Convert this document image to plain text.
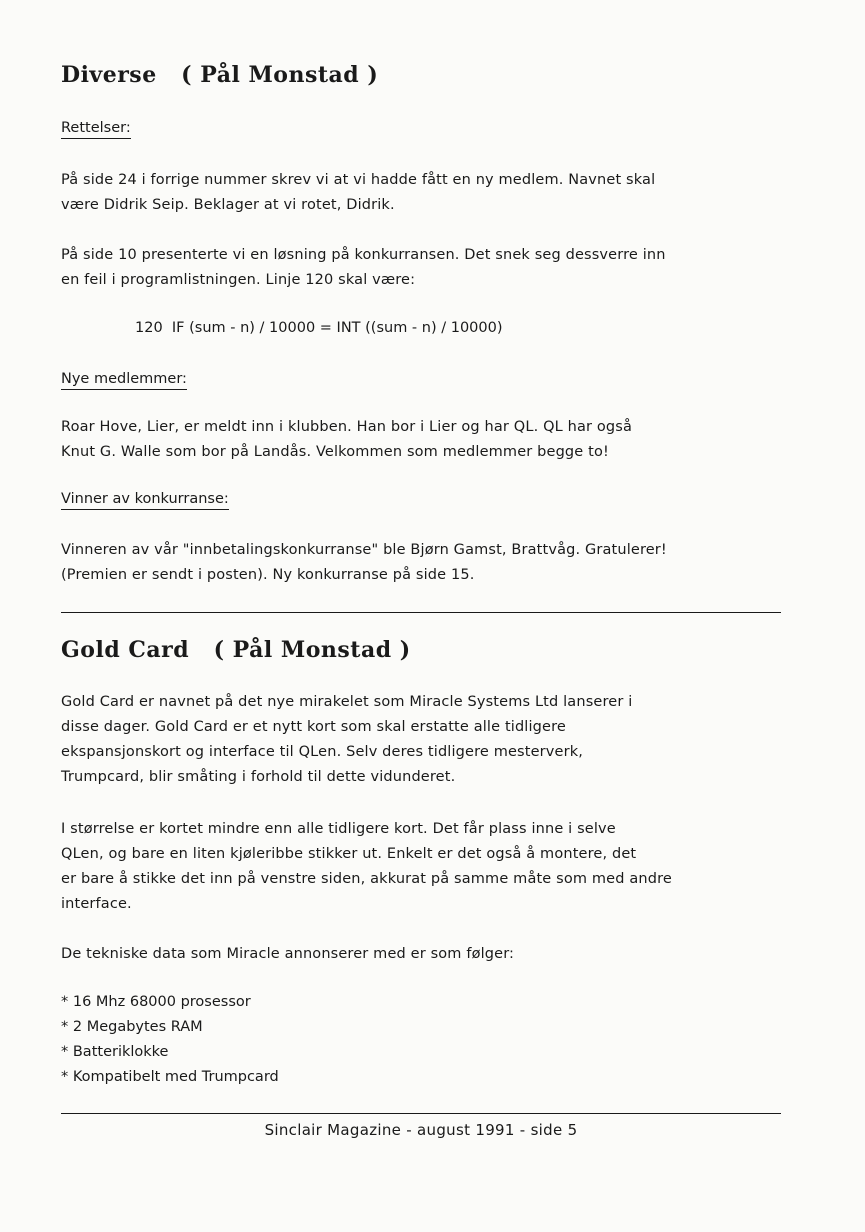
Diverse   ( Pål Monstad )

Rettelser:

På side 24 i forrige nummer skrev vi at vi hadde fått en ny medlem. Navnet skal
være Didrik Seip. Beklager at vi rotet, Didrik.

På side 10 presenterte vi en løsning på konkurransen. Det snek seg dessverre inn
en feil i programlistningen. Linje 120 skal være:

120  IF (sum - n) / 10000 = INT ((sum - n) / 10000)

Nye medlemmer:

Roar Hove, Lier, er meldt inn i klubben. Han bor i Lier og har QL. QL har også
Knut G. Walle som bor på Landås. Velkommen som medlemmer begge to!

Vinner av konkurranse:

Vinneren av vår "innbetalingskonkurranse" ble Bjørn Gamst, Brattvåg. Gratulerer!
(Premien er sendt i posten). Ny konkurranse på side 15.

Gold Card   ( Pål Monstad )

Gold Card er navnet på det nye mirakelet som Miracle Systems Ltd lanserer i
disse dager. Gold Card er et nytt kort som skal erstatte alle tidligere
ekspansjonskort og interface til QLen. Selv deres tidligere mesterverk,
Trumpcard, blir småting i forhold til dette vidunderet.

I størrelse er kortet mindre enn alle tidligere kort. Det får plass inne i selve
QLen, og bare en liten kjøleribbe stikker ut. Enkelt er det også å montere, det
er bare å stikke det inn på venstre siden, akkurat på samme måte som med andre
interface.

De tekniske data som Miracle annonserer med er som følger:

* 16 Mhz 68000 prosessor
* 2 Megabytes RAM
* Batteriklokke
* Kompatibelt med Trumpcard

Sinclair Magazine - august 1991 - side 5
